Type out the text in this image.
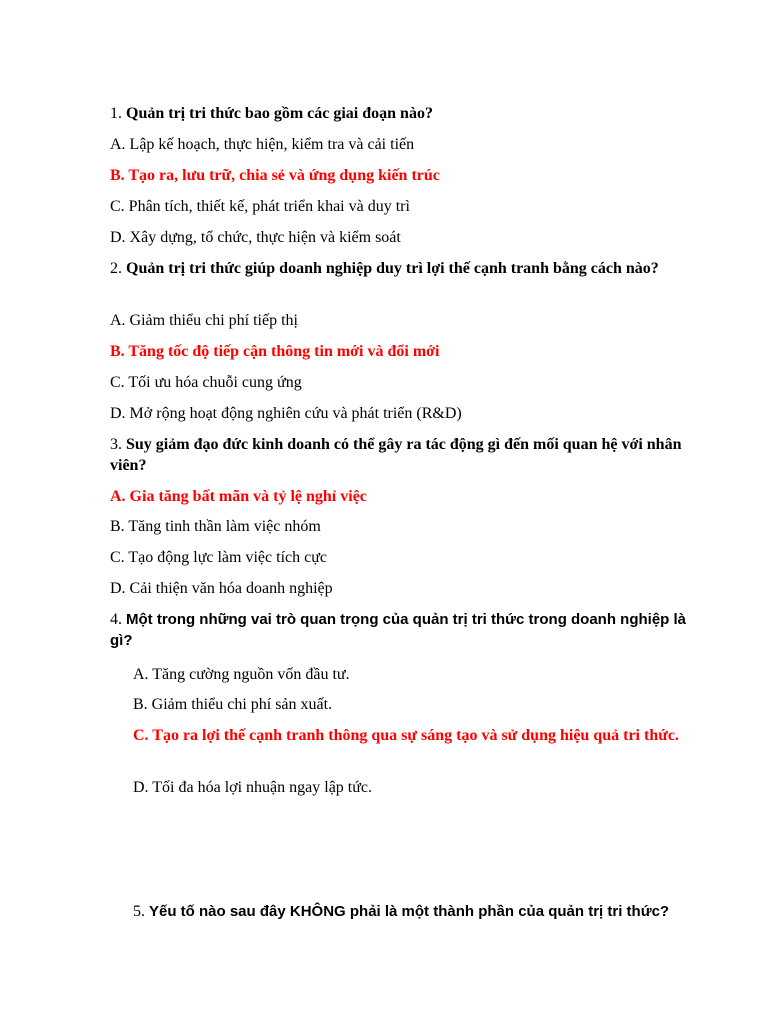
1. Quản trị tri thức bao gồm các giai đoạn nào?
A. Lập kế hoạch, thực hiện, kiểm tra và cải tiến
B. Tạo ra, lưu trữ, chia sẻ và ứng dụng kiến trúc
C. Phân tích, thiết kế, phát triển khai và duy trì
D. Xây dựng, tổ chức, thực hiện và kiểm soát
2. Quản trị tri thức giúp doanh nghiệp duy trì lợi thế cạnh tranh bằng cách nào?
A. Giảm thiểu chi phí tiếp thị
B. Tăng tốc độ tiếp cận thông tin mới và đổi mới
C. Tối ưu hóa chuỗi cung ứng
D. Mở rộng hoạt động nghiên cứu và phát triển (R&D)
3. Suy giảm đạo đức kinh doanh có thể gây ra tác động gì đến mối quan hệ với nhân viên?
A. Gia tăng bất mãn và tỷ lệ nghỉ việc
B. Tăng tinh thần làm việc nhóm
C. Tạo động lực làm việc tích cực
D. Cải thiện văn hóa doanh nghiệp
4. Một trong những vai trò quan trọng của quản trị tri thức trong doanh nghiệp là gì?
A. Tăng cường nguồn vốn đầu tư.
B. Giảm thiểu chi phí sản xuất.
C. Tạo ra lợi thế cạnh tranh thông qua sự sáng tạo và sử dụng hiệu quả tri thức.
D. Tối đa hóa lợi nhuận ngay lập tức.
5. Yếu tố nào sau đây KHÔNG phải là một thành phần của quản trị tri thức?
